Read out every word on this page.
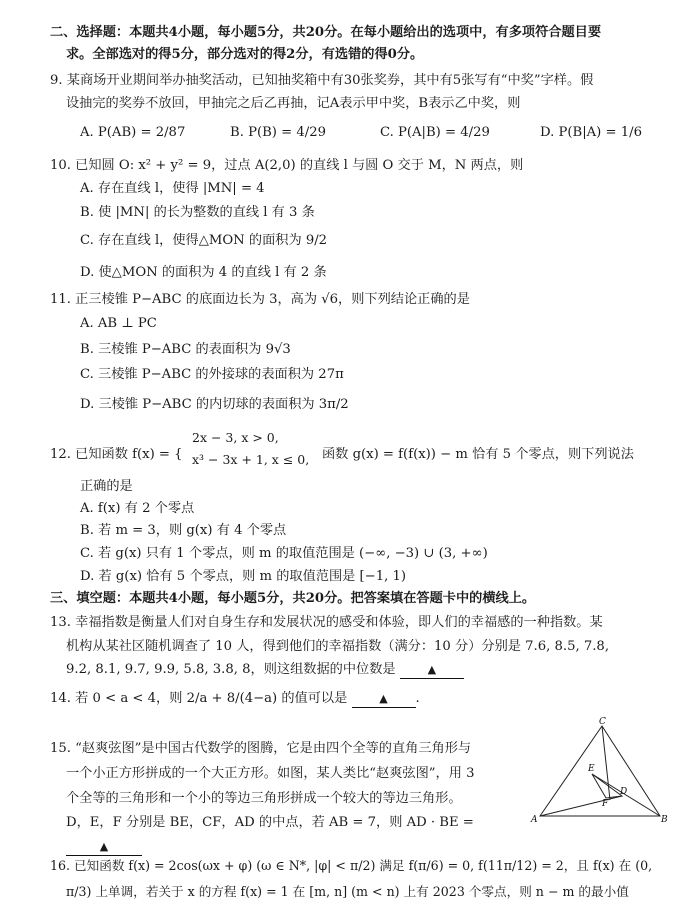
二、选择题：本题共4小题，每小题5分，共20分。在每小题给出的选项中，有多项符合题目要
求。全部选对的得5分，部分选对的得2分，有选错的得0分。
9. 某商场开业期间举办抽奖活动，已知抽奖箱中有30张奖券，其中有5张写有“中奖”字样。假
设抽完的奖券不放回，甲抽完之后乙再抽，记A表示甲中奖，B表示乙中奖，则
A. P(AB) = 2/87	B. P(B) = 4/29	C. P(A|B) = 4/29	D. P(B|A) = 1/6
10. 已知圆 O: x² + y² = 9，过点 A(2,0) 的直线 l 与圆 O 交于 M，N 两点，则
A. 存在直线 l，使得 |MN| = 4
B. 使 |MN| 的长为整数的直线 l 有 3 条
C. 存在直线 l，使得△MON 的面积为 9/2
D. 使△MON 的面积为 4 的直线 l 有 2 条
11. 正三棱锥 P−ABC 的底面边长为 3，高为 √6，则下列结论正确的是
A. AB ⊥ PC
B. 三棱锥 P−ABC 的表面积为 9√3
C. 三棱锥 P−ABC 的外接球的表面积为 27π
D. 三棱锥 P−ABC 的内切球的表面积为 3π/2
12. 已知函数 f(x) = {
2x − 3, x > 0,
x³ − 3x + 1, x ≤ 0, 函数 g(x) = f(f(x)) − m 恰有 5 个零点，则下列说法
正确的是
A. f(x) 有 2 个零点
B. 若 m = 3，则 g(x) 有 4 个零点
C. 若 g(x) 只有 1 个零点，则 m 的取值范围是 (−∞, −3) ∪ (3, +∞)
D. 若 g(x) 恰有 5 个零点，则 m 的取值范围是 [−1, 1)
三、填空题：本题共4小题，每小题5分，共20分。把答案填在答题卡中的横线上。
13. 幸福指数是衡量人们对自身生存和发展状况的感受和体验，即人们的幸福感的一种指数。某
机构从某社区随机调查了 10 人，得到他们的幸福指数（满分：10 分）分别是 7.6, 8.5, 7.8,
9.2, 8.1, 9.7, 9.9, 5.8, 3.8, 8，则这组数据的中位数是	▲
14. 若 0 < a < 4，则 2/a + 8/(4−a) 的值可以是	▲ .
15. “赵爽弦图”是中国古代数学的图腾，它是由四个全等的直角三角形与
一个小正方形拼成的一个大正方形。如图，某人类比“赵爽弦图”，用 3
个全等的三角形和一个小的等边三角形拼成一个较大的等边三角形。
D，E，F 分别是 BE，CF，AD 的中点，若 AB = 7，则 AD · BE =
▲
A	B
C
D
E
F
16. 已知函数 f(x) = 2cos(ωx + φ) (ω ∈ N*, |φ| < π/2) 满足 f(π/6) = 0, f(11π/12) = 2，且 f(x) 在 (0,
π/3) 上单调，若关于 x 的方程 f(x) = 1 在 [m, n] (m < n) 上有 2023 个零点，则 n − m 的最小值
